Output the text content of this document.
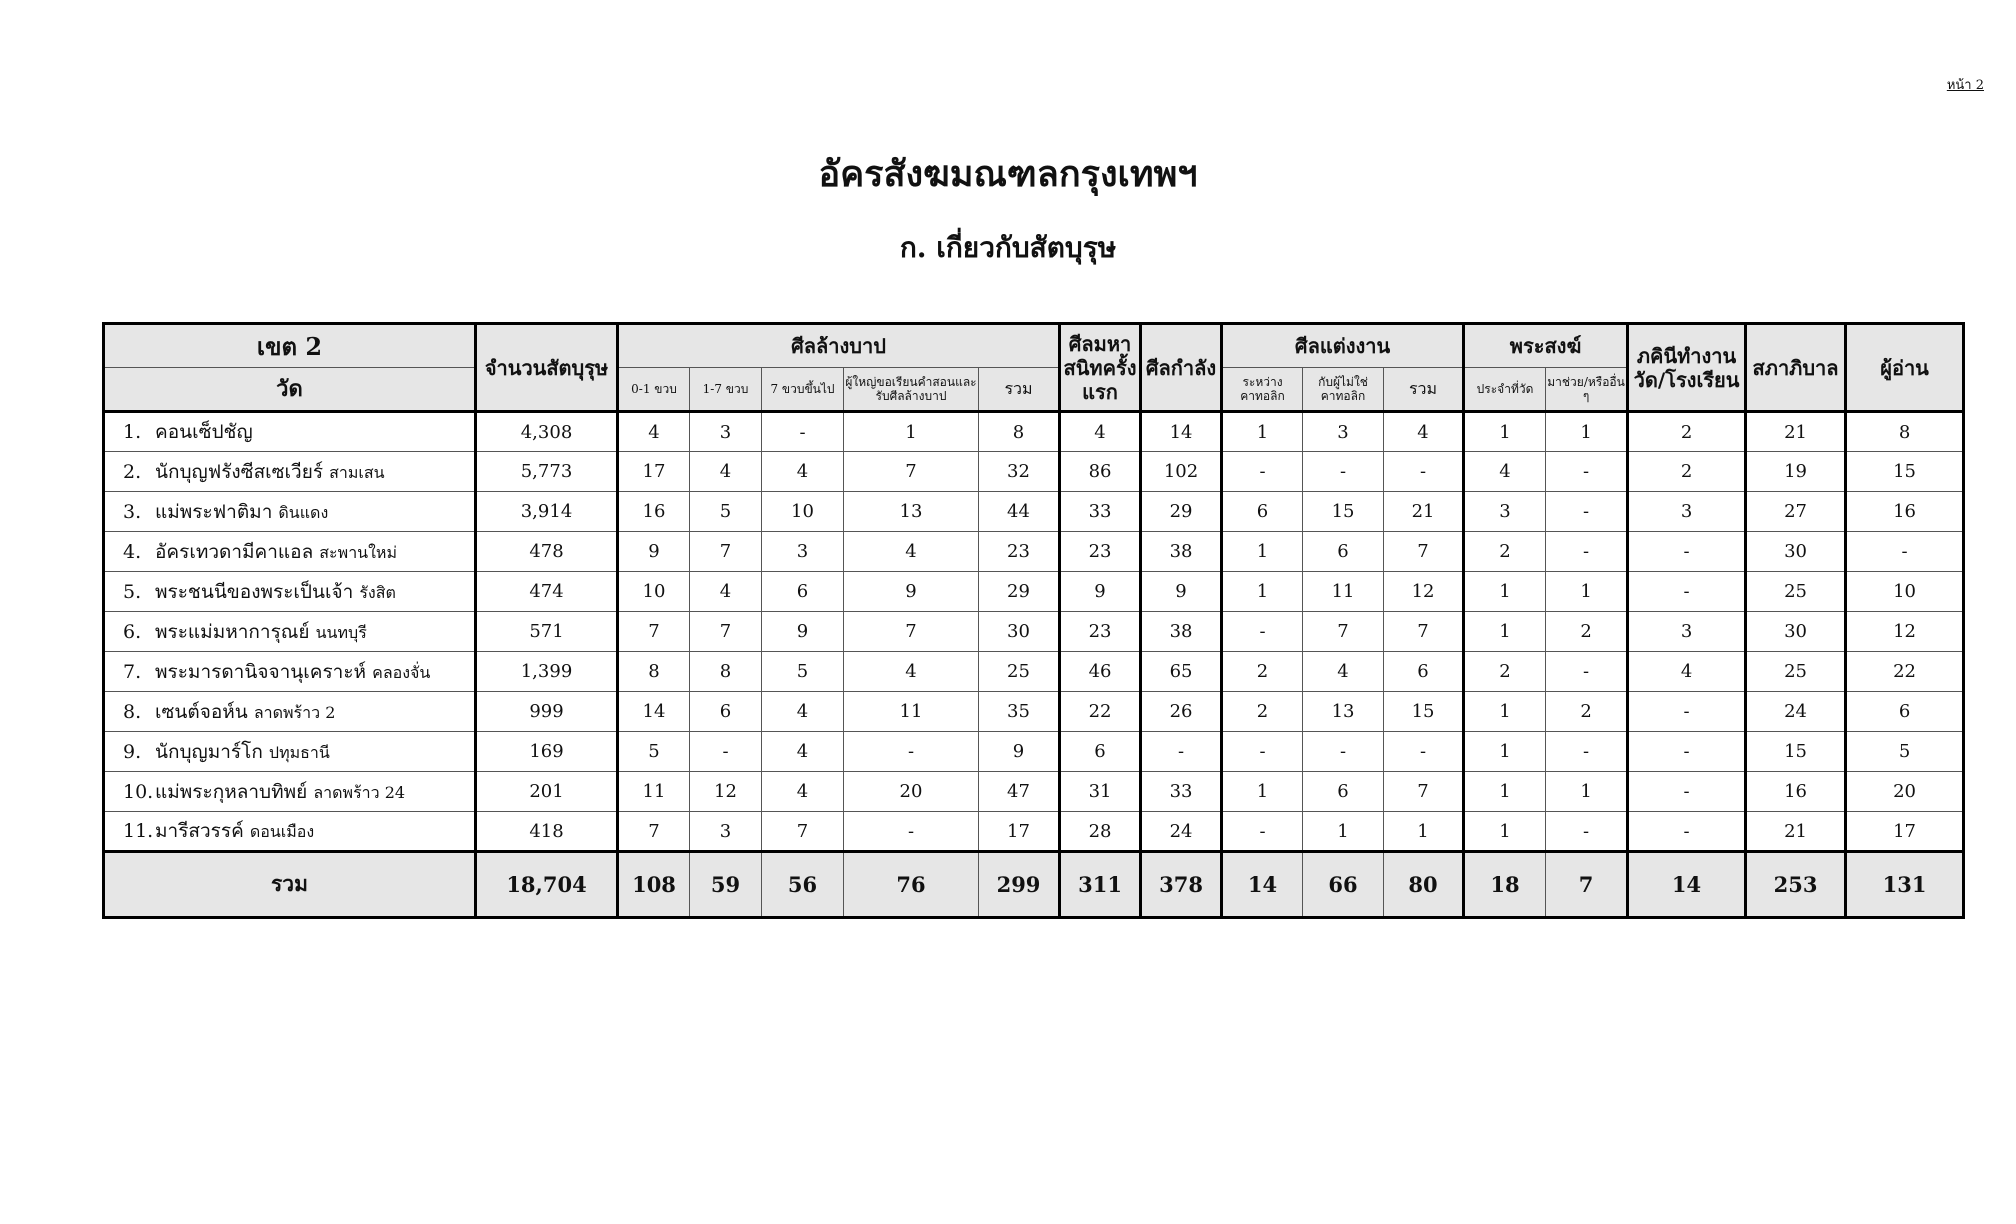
หน้า 2
อัครสังฆมณฑลกรุงเทพฯ
ก. เกี่ยวกับสัตบุรุษ
เขต 2	จำนวนสัตบุรุษ	ศีลล้างบาป					ศีลมหาสนิทครั้งแรก	ศีลกำลัง	ศีลแต่งงาน			พระสงฆ์		ภคินีทำงานวัด/โรงเรียน	สภาภิบาล	ผู้อ่าน
วัด		0-1 ขวบ	1-7 ขวบ	7 ขวบขึ้นไป	ผู้ใหญ่ขอเรียนคำสอนและรับศีลล้างบาป	รวม			ระหว่างคาทอลิก	กับผู้ไม่ใช่คาทอลิก	รวม	ประจำที่วัด	มาช่วย/หรืออื่น ๆ			
1. คอนเซ็ปชัญ	4,308	4	3	-	1	8	4	14	1	3	4	1	1	2	21	8
2. นักบุญฟรังซีสเซเวียร์ สามเสน	5,773	17	4	4	7	32	86	102	-	-	-	4	-	2	19	15
3. แม่พระฟาติมา ดินแดง	3,914	16	5	10	13	44	33	29	6	15	21	3	-	3	27	16
4. อัครเทวดามีคาแอล สะพานใหม่	478	9	7	3	4	23	23	38	1	6	7	2	-	-	30	-
5. พระชนนีของพระเป็นเจ้า รังสิต	474	10	4	6	9	29	9	9	1	11	12	1	1	-	25	10
6. พระแม่มหาการุณย์ นนทบุรี	571	7	7	9	7	30	23	38	-	7	7	1	2	3	30	12
7. พระมารดานิจจานุเคราะห์ คลองจั่น	1,399	8	8	5	4	25	46	65	2	4	6	2	-	4	25	22
8. เซนต์จอห์น ลาดพร้าว 2	999	14	6	4	11	35	22	26	2	13	15	1	2	-	24	6
9. นักบุญมาร์โก ปทุมธานี	169	5	-	4	-	9	6	-	-	-	-	1	-	-	15	5
10.แม่พระกุหลาบทิพย์ ลาดพร้าว 24	201	11	12	4	20	47	31	33	1	6	7	1	1	-	16	20
11.มารีสวรรค์ ดอนเมือง	418	7	3	7	-	17	28	24	-	1	1	1	-	-	21	17
รวม	18,704	108	59	56	76	299	311	378	14	66	80	18	7	14	253	131
